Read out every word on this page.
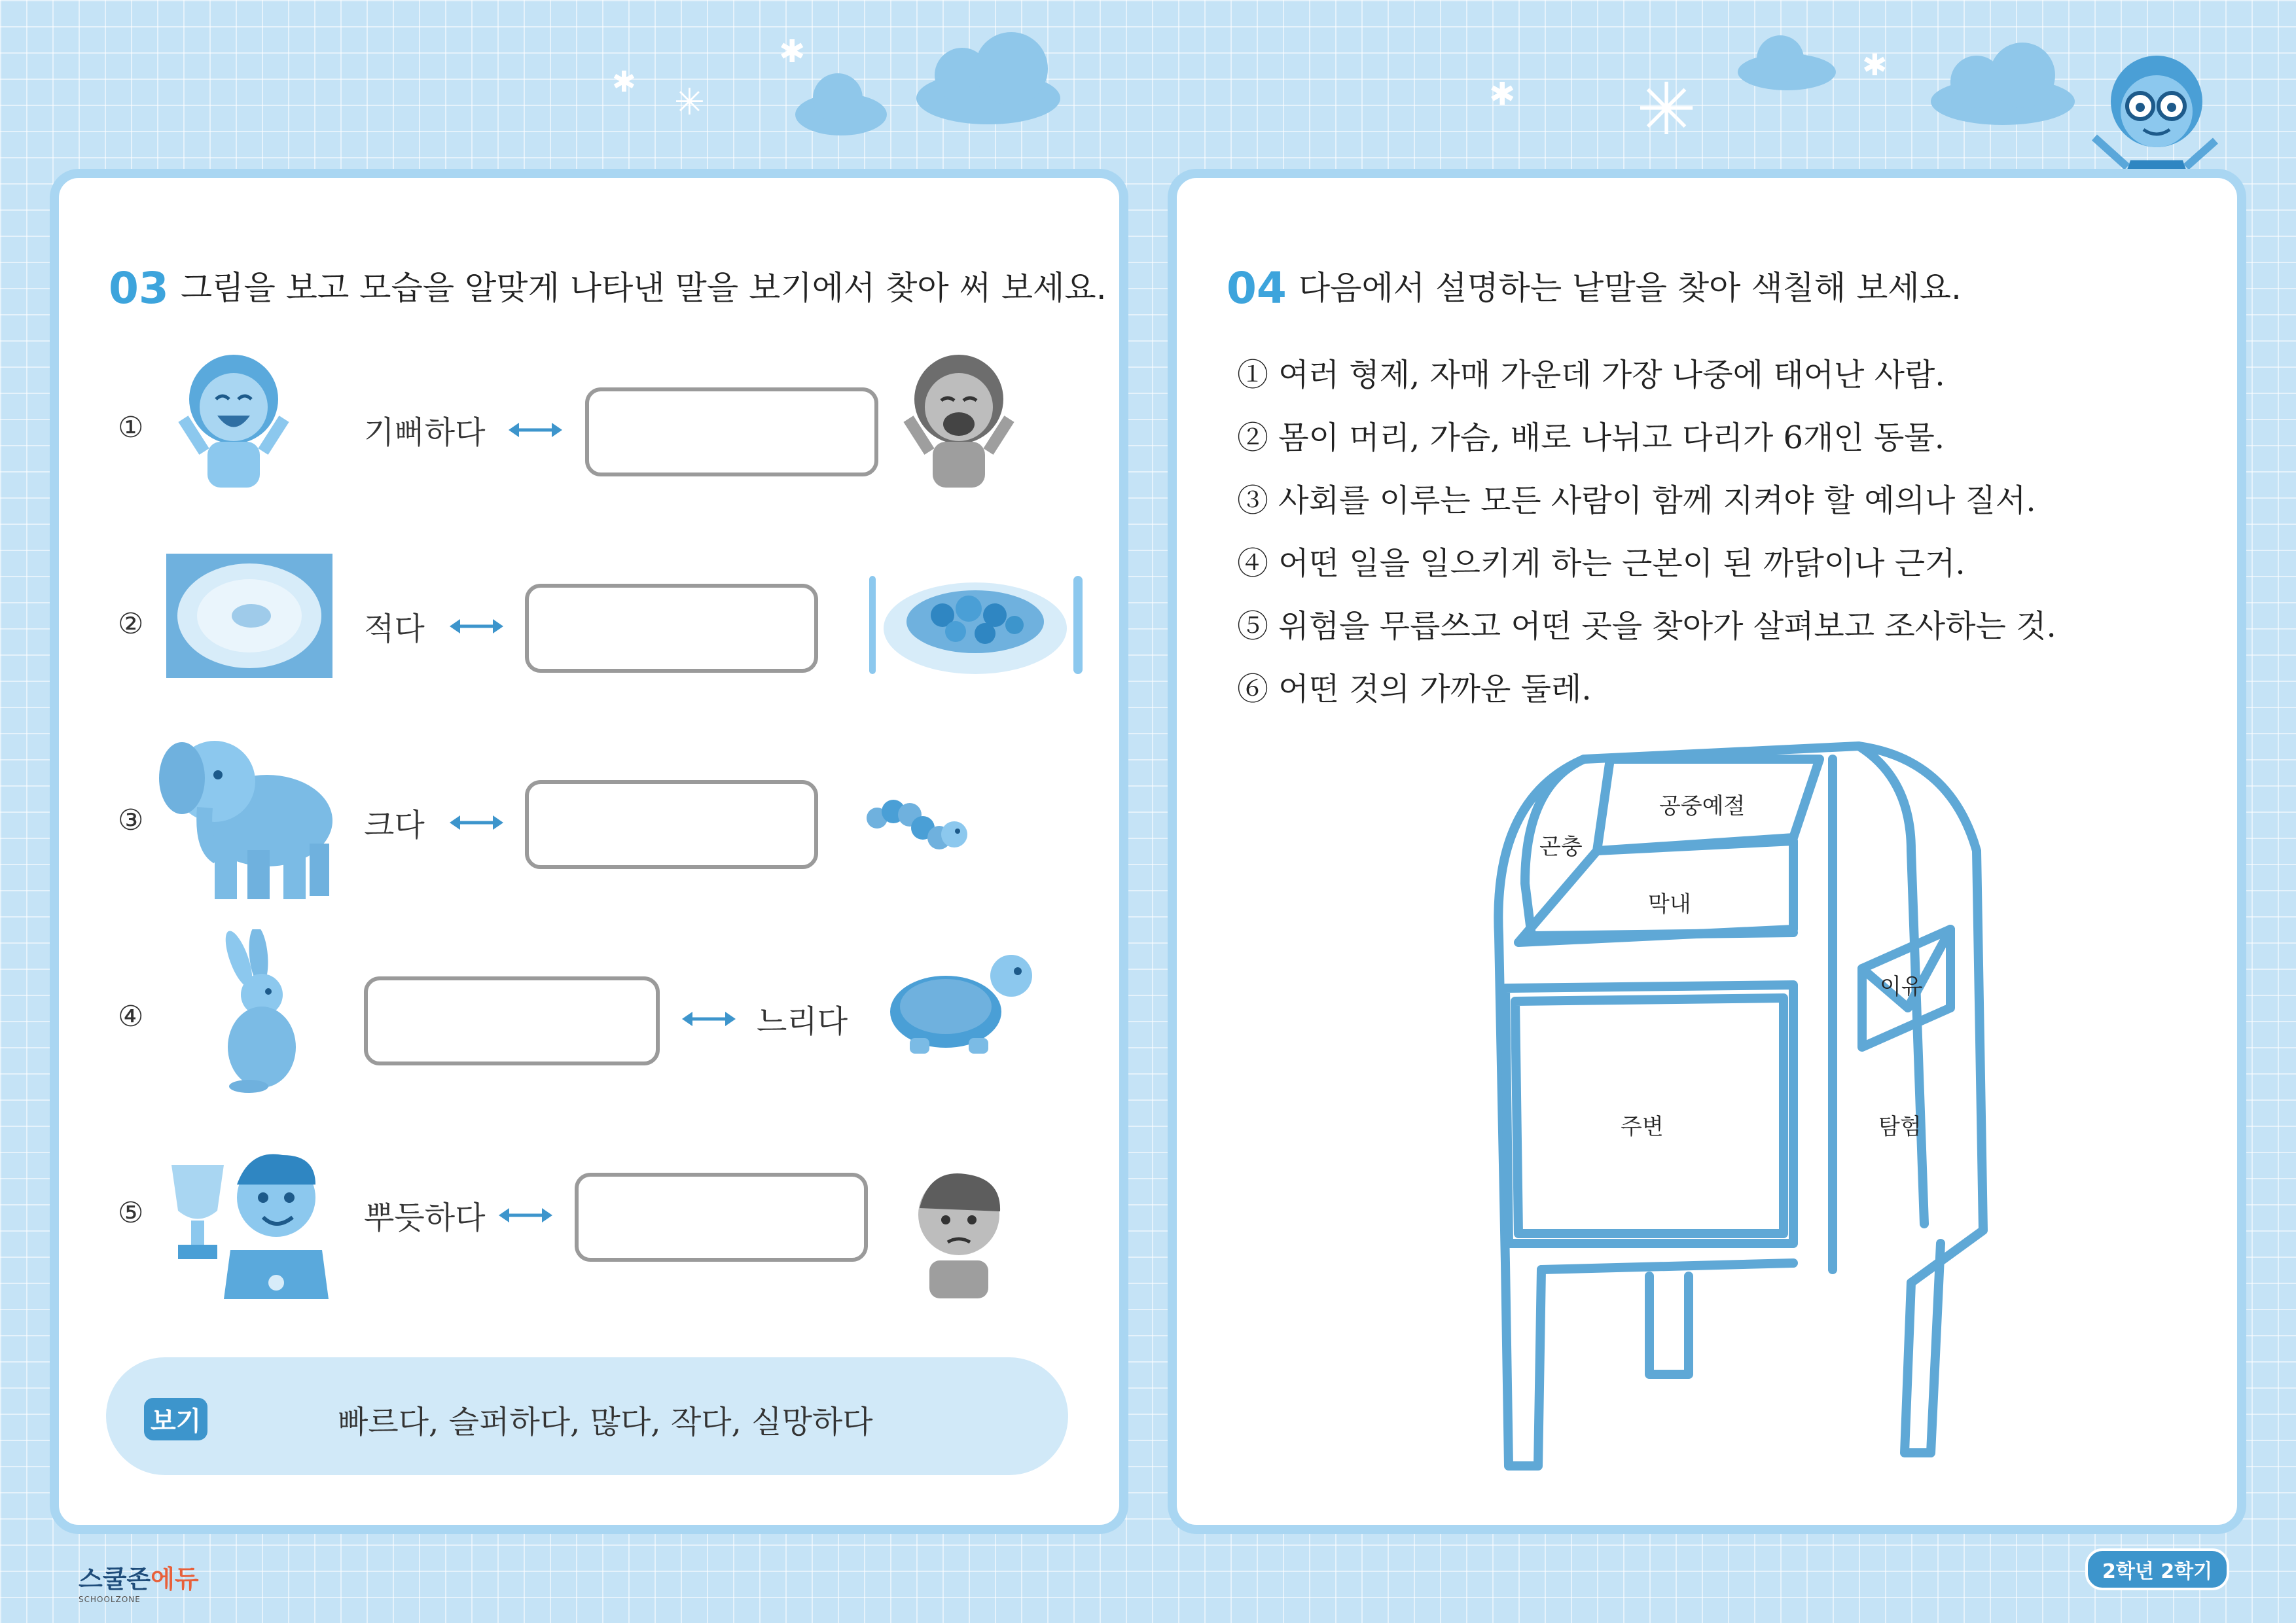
✱ ✳
✱
✱ ✳
✱
03 그림을 보고 모습을 알맞게 나타낸 말을 보기에서 찾아 써 보세요.
①	기뻐하다
②	적다
③	크다
④	느리다
⑤	뿌듯하다
보기	빠르다, 슬퍼하다, 많다, 작다, 실망하다
04 다음에서 설명하는 낱말을 찾아 색칠해 보세요.
① 여러 형제, 자매 가운데 가장 나중에 태어난 사람.
② 몸이 머리, 가슴, 배로 나뉘고 다리가 6개인 동물.
③ 사회를 이루는 모든 사람이 함께 지켜야 할 예의나 질서.
④ 어떤 일을 일으키게 하는 근본이 된 까닭이나 근거.
⑤ 위험을 무릅쓰고 어떤 곳을 찾아가 살펴보고 조사하는 것.
⑥ 어떤 것의 가까운 둘레.
공중예절
곤충
막내
이유
주변	탐험
스쿨존에듀
SCHOOLZONE
2학년 2학기
